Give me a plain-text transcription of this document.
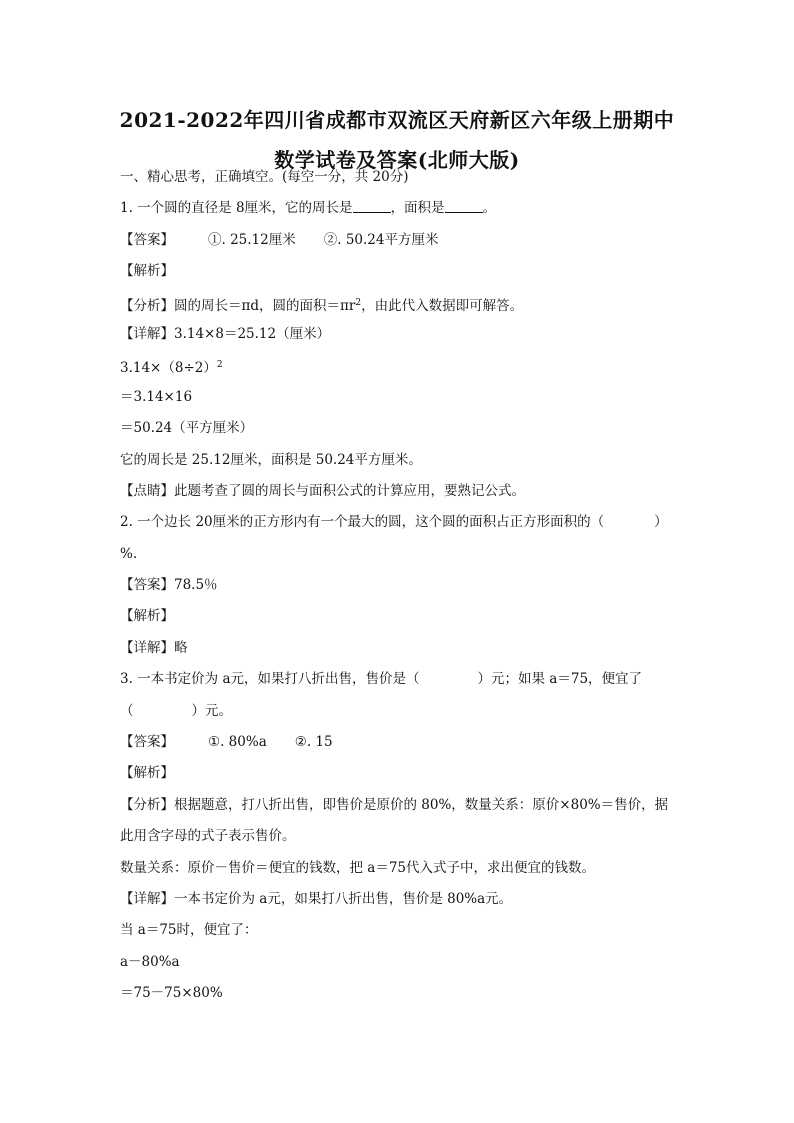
2021-2022年四川省成都市双流区天府新区六年级上册期中

数学试卷及答案(北师大版)

一、精心思考，正确填空。(每空一分，共 20分)

1. 一个圆的直径是 8厘米，它的周长是	，面积是	。

【答案】	①. 25.12厘米 ②. 50.24平方厘米

【解析】

【分析】圆的周长＝πd，圆的面积$=\pi r^2$，由此代入数据即可解答。

【详解】3.14×8＝25.12（厘米）

$3.14\times(8\div 2)^2$

＝3.14×16

＝50.24（平方厘米）

它的周长是 25.12厘米，面积是 50.24平方厘米。

【点睛】此题考查了圆的周长与面积公式的计算应用，要熟记公式。

2. 一个边长 20厘米的正方形内有一个最大的圆，这个圆的面积占正方形面积的（	）

%.

【答案】78.5％

【解析】

【详解】略

3. 一本书定价为 a元，如果打八折出售，售价是（	）元；如果 a＝75，便宜了

（	）元。

【答案】	①. 80%a ②. 15

【解析】

【分析】根据题意，打八折出售，即售价是原价的 80%，数量关系：原价×80%＝售价，据

此用含字母的式子表示售价。

数量关系：原价－售价＝便宜的钱数，把 a＝75代入式子中，求出便宜的钱数。

【详解】一本书定价为 a元，如果打八折出售，售价是 80%a元。

当 a＝75时，便宜了：

a－80%a

＝75－75×80%
